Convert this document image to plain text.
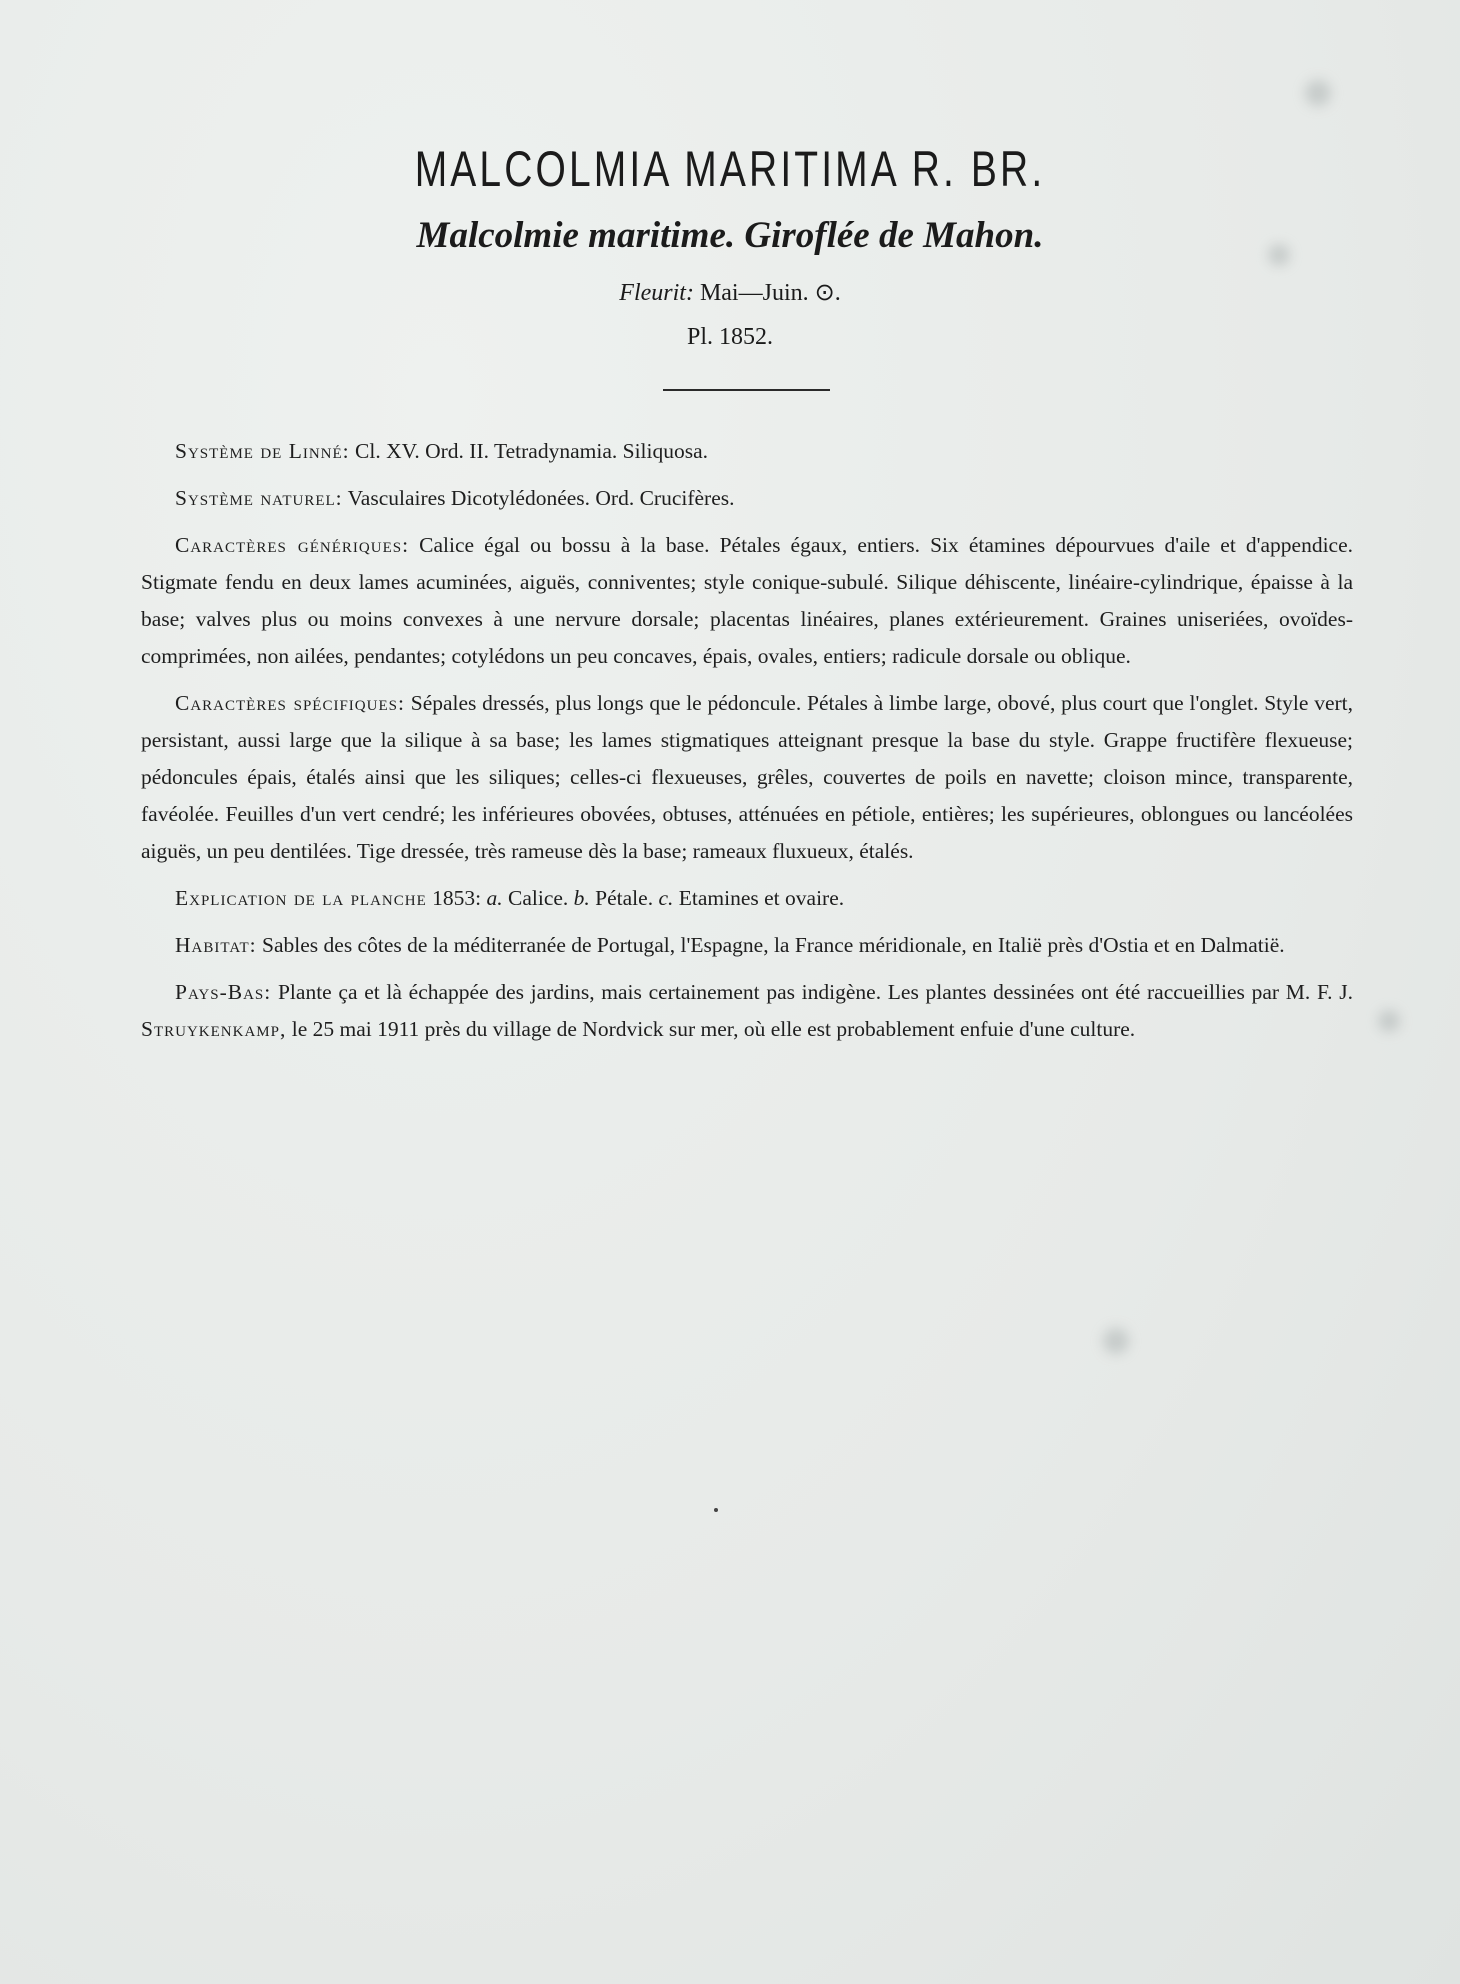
MALCOLMIA MARITIMA R. BR.
Malcolmie maritime. Giroflée de Mahon.
Fleurit: Mai—Juin. ⊙.
Pl. 1852.

Système de Linné: Cl. XV. Ord. II. Tetradynamia. Siliquosa.

Système naturel: Vasculaires Dicotylédonées. Ord. Crucifères.

Caractères génériques: Calice égal ou bossu à la base. Pétales égaux, entiers. Six étamines dépourvues d'aile et d'appendice. Stigmate fendu en deux lames acuminées, aiguës, conniventes; style conique-subulé. Silique déhiscente, linéaire-cylindrique, épaisse à la base; valves plus ou moins convexes à une nervure dorsale; placentas linéaires, planes extérieurement. Graines uniseriées, ovoïdes-comprimées, non ailées, pendantes; cotylédons un peu concaves, épais, ovales, entiers; radicule dorsale ou oblique.

Caractères spécifiques: Sépales dressés, plus longs que le pédoncule. Pétales à limbe large, obové, plus court que l'onglet. Style vert, persistant, aussi large que la silique à sa base; les lames stigmatiques atteignant presque la base du style. Grappe fructifère flexueuse; pédoncules épais, étalés ainsi que les siliques; celles-ci flexueuses, grêles, couvertes de poils en navette; cloison mince, transparente, favéolée. Feuilles d'un vert cendré; les inférieures obovées, obtuses, atténuées en pétiole, entières; les supérieures, oblongues ou lancéolées aiguës, un peu dentilées. Tige dressée, très rameuse dès la base; rameaux fluxueux, étalés.

Explication de la planche 1853: a. Calice. b. Pétale. c. Etamines et ovaire.

Habitat: Sables des côtes de la méditerranée de Portugal, l'Espagne, la France méridionale, en Italië près d'Ostia et en Dalmatië.

Pays-Bas: Plante ça et là échappée des jardins, mais certainement pas indigène. Les plantes dessinées ont été raccueillies par M. F. J. Struykenkamp, le 25 mai 1911 près du village de Nordvick sur mer, où elle est probablement enfuie d'une culture.
